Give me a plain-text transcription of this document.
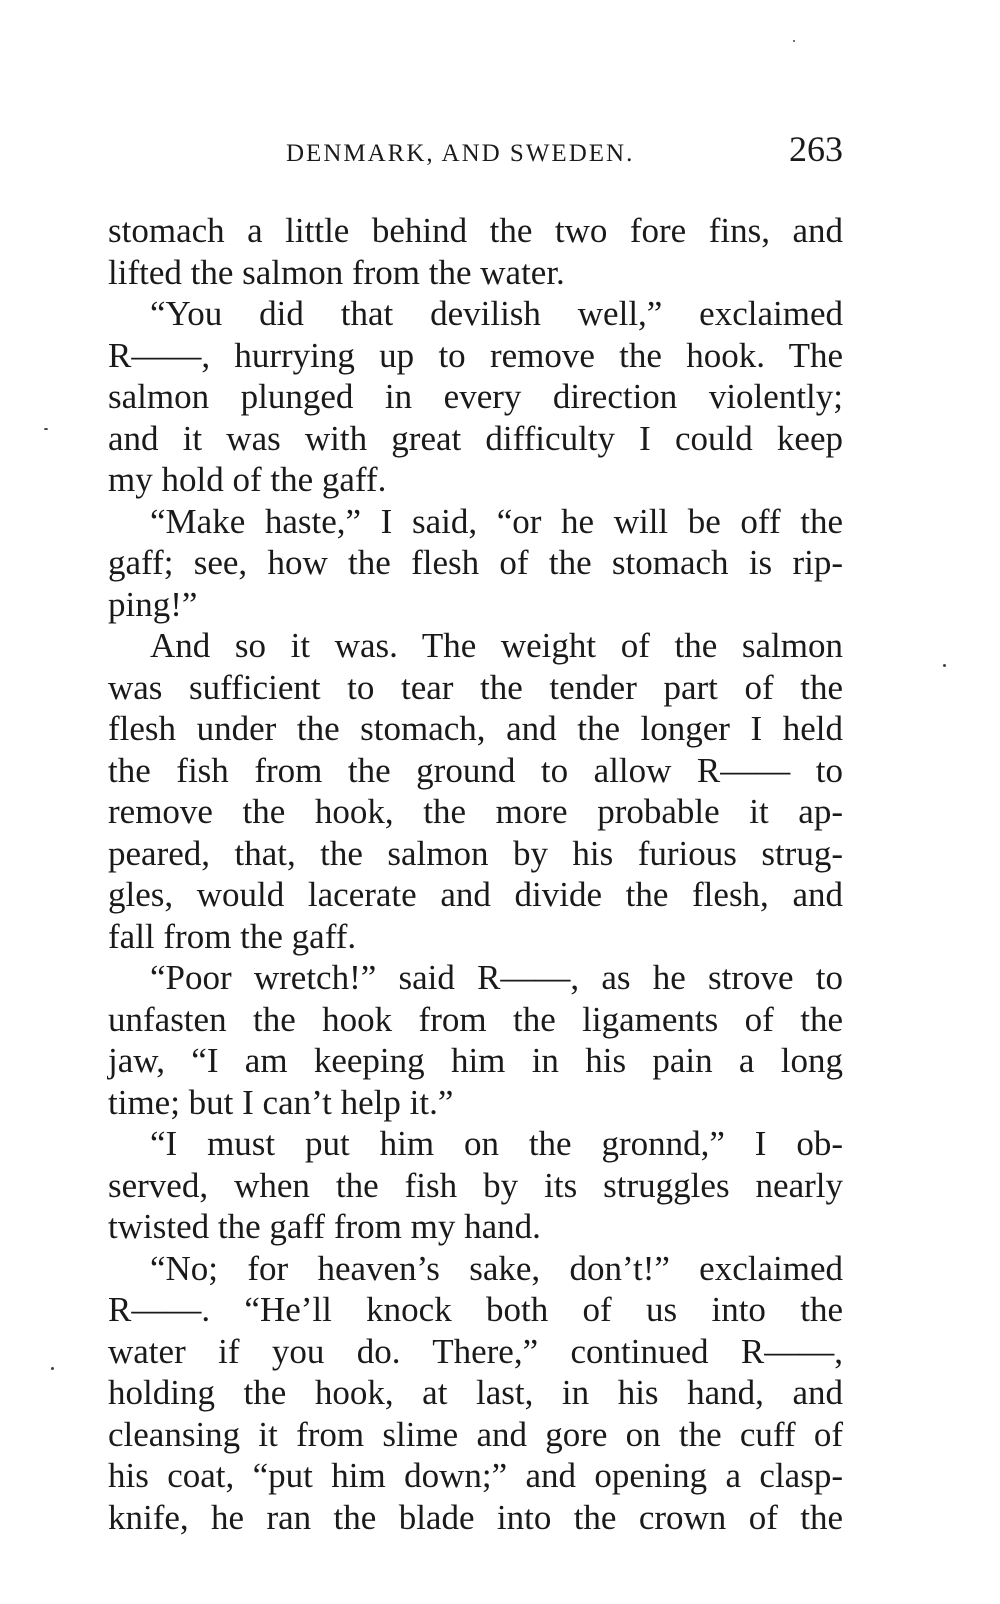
DENMARK, AND SWEDEN.	263
stomach a little behind the two fore fins, and
lifted the salmon from the water.
“You did that devilish well,” exclaimed
R——, hurrying up to remove the hook. The
salmon plunged in every direction violently;
and it was with great difficulty I could keep
my hold of the gaff.
“Make haste,” I said, “or he will be off the
gaff; see, how the flesh of the stomach is rip-
ping!”
And so it was. The weight of the salmon
was sufficient to tear the tender part of the
flesh under the stomach, and the longer I held
the fish from the ground to allow R—— to
remove the hook, the more probable it ap-
peared, that, the salmon by his furious strug-
gles, would lacerate and divide the flesh, and
fall from the gaff.
“Poor wretch!” said R——, as he strove to
unfasten the hook from the ligaments of the
jaw, “I am keeping him in his pain a long
time; but I can’t help it.”
“I must put him on the gronnd,” I ob-
served, when the fish by its struggles nearly
twisted the gaff from my hand.
“No; for heaven’s sake, don’t!” exclaimed
R——. “He’ll knock both of us into the
water if you do. There,” continued R——,
holding the hook, at last, in his hand, and
cleansing it from slime and gore on the cuff of
his coat, “put him down;” and opening a clasp-
knife, he ran the blade into the crown of the
